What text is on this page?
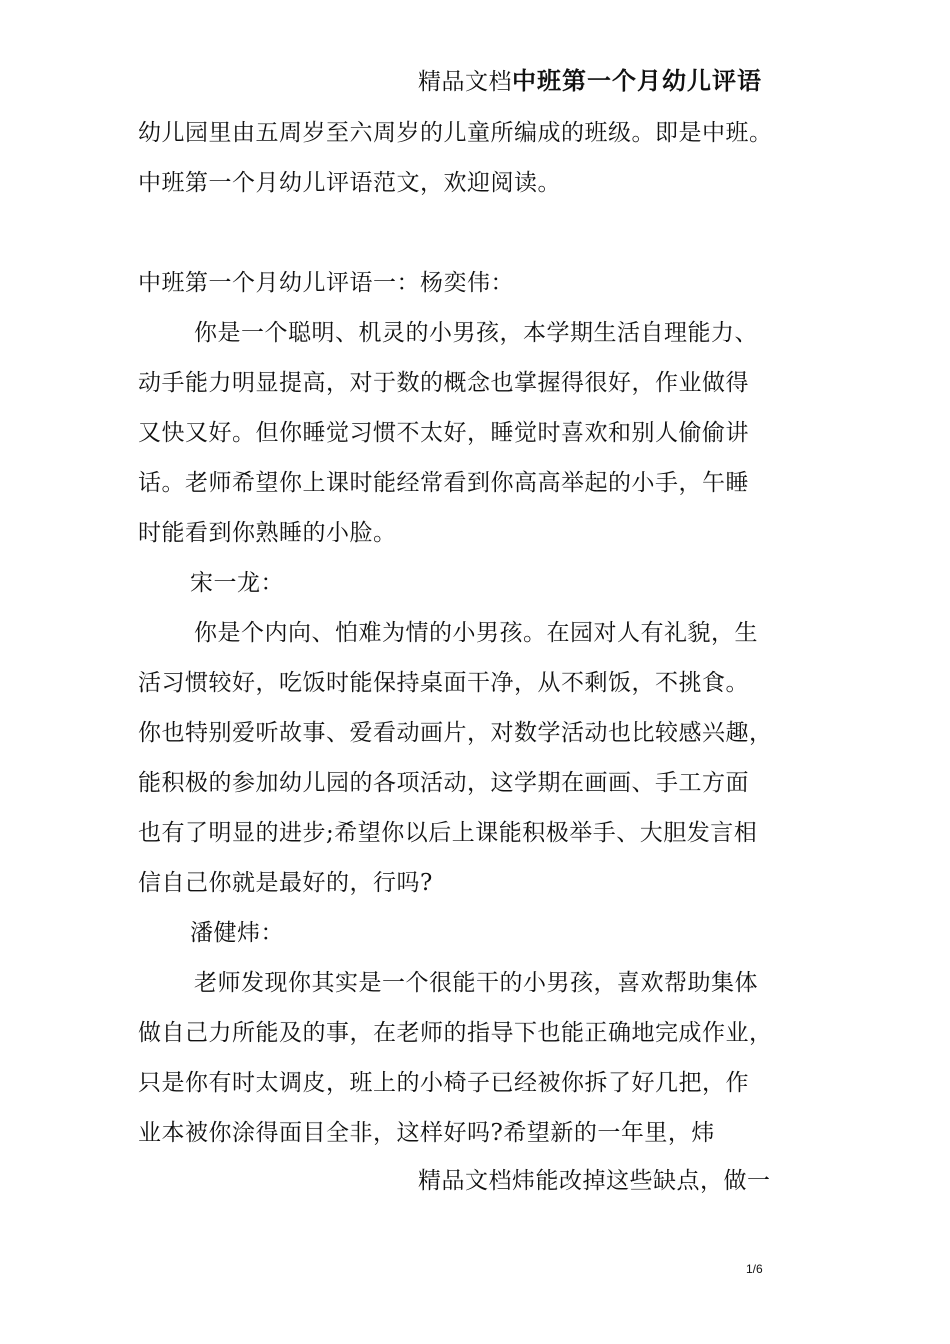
精品文档中班第一个月幼儿评语
幼儿园里由五周岁至六周岁的儿童所编成的班级。即是中班。
中班第一个月幼儿评语范文，欢迎阅读。
中班第一个月幼儿评语一：杨奕伟：
你是一个聪明、机灵的小男孩，本学期生活自理能力、
动手能力明显提高，对于数的概念也掌握得很好，作业做得
又快又好。但你睡觉习惯不太好，睡觉时喜欢和别人偷偷讲
话。老师希望你上课时能经常看到你高高举起的小手，午睡
时能看到你熟睡的小脸。
宋一龙：
你是个内向、怕难为情的小男孩。在园对人有礼貌，生
活习惯较好，吃饭时能保持桌面干净，从不剩饭，不挑食。
你也特别爱听故事、爱看动画片，对数学活动也比较感兴趣，
能积极的参加幼儿园的各项活动，这学期在画画、手工方面
也有了明显的进步;希望你以后上课能积极举手、大胆发言相
信自己你就是最好的，行吗?
潘健炜：
老师发现你其实是一个很能干的小男孩，喜欢帮助集体
做自己力所能及的事，在老师的指导下也能正确地完成作业，
只是你有时太调皮，班上的小椅子已经被你拆了好几把，作
业本被你涂得面目全非，这样好吗?希望新的一年里，炜
精品文档炜能改掉这些缺点，做一
1/6
